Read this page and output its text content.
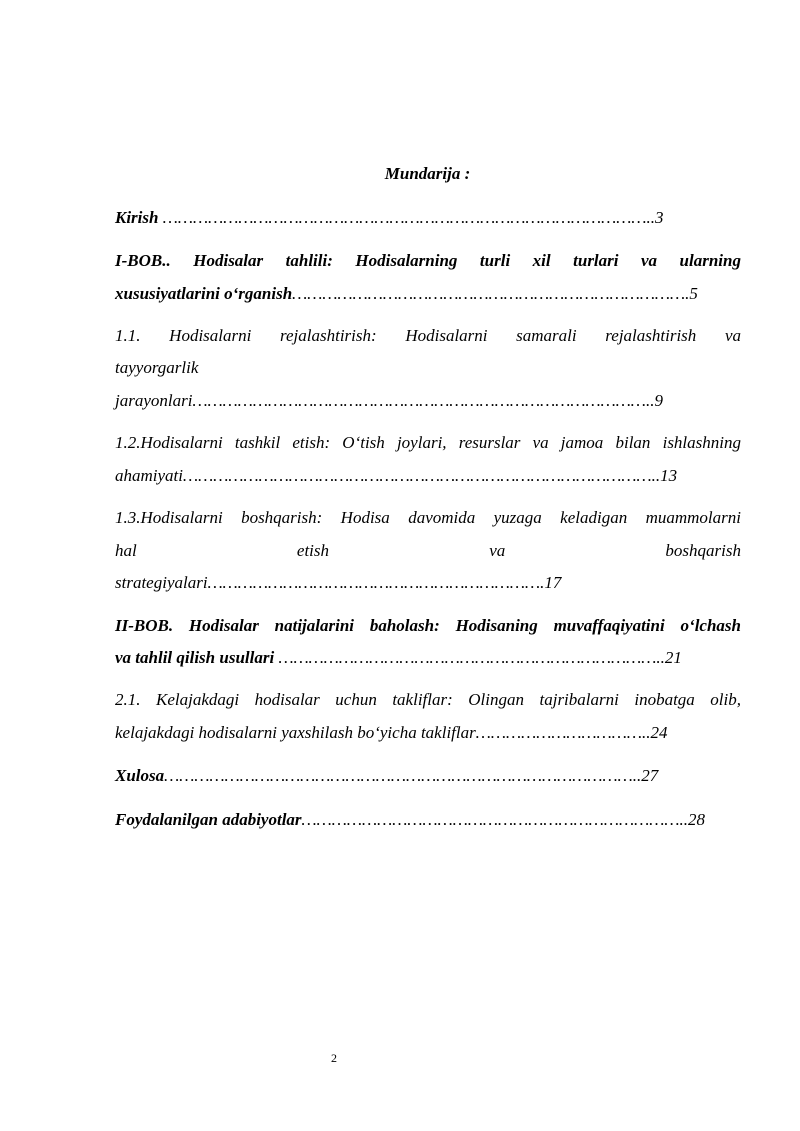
Mundarija :
Kirish ……………………………………………………………………………………..3
I-BOB.. Hodisalar tahlili: Hodisalarning turli xil turlari va ularning
xususiyatlarini o‘rganish…………………………………………………………………….5
1.1. Hodisalarni rejalashtirish: Hodisalarni samarali rejalashtirish va
tayyorgarlik
jarayonlari………………………………………………………………………………..9
1.2.Hodisalarni tashkil etish: O‘tish joylari, resurslar va jamoa bilan ishlashning
ahamiyati…………………………………………………………………………………..13
1.3.Hodisalarni boshqarish: Hodisa davomida yuzaga keladigan muammolarni
hal etish va boshqarish
strategiyalari………………………………………………………….17
II-BOB. Hodisalar natijalarini baholash: Hodisaning muvaffaqiyatini o‘lchash
va tahlil qilish usullari …………………………………………………………………..21
2.1. Kelajakdagi hodisalar uchun takliflar: Olingan tajribalarni inobatga olib,
kelajakdagi hodisalarni yaxshilash bo‘yicha takliflar……………………………..24
Xulosa…………………………………………………………………………………..27
Foydalanilgan adabiyotlar…………………………………………………………………..28
2
